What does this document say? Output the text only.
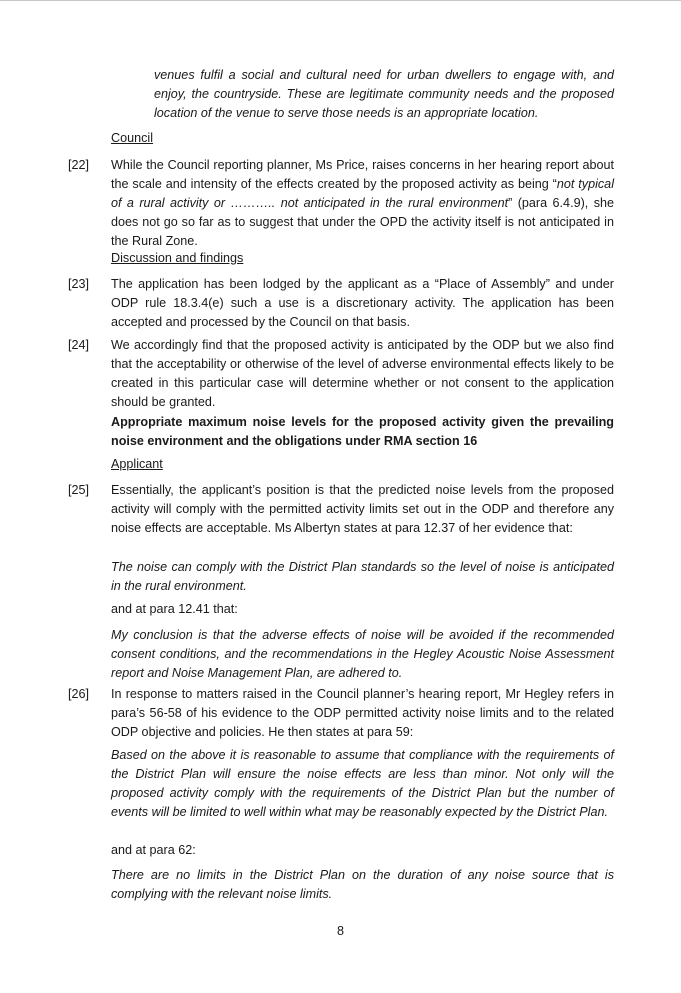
venues fulfil a social and cultural need for urban dwellers to engage with, and enjoy, the countryside. These are legitimate community needs and the proposed location of the venue to serve those needs is an appropriate location.

Council

[22] While the Council reporting planner, Ms Price, raises concerns in her hearing report about the scale and intensity of the effects created by the proposed activity as being “not typical of a rural activity or ……….. not anticipated in the rural environment” (para 6.4.9), she does not go so far as to suggest that under the OPD the activity itself is not anticipated in the Rural Zone.

Discussion and findings

[23] The application has been lodged by the applicant as a “Place of Assembly” and under ODP rule 18.3.4(e) such a use is a discretionary activity. The application has been accepted and processed by the Council on that basis.

[24] We accordingly find that the proposed activity is anticipated by the ODP but we also find that the acceptability or otherwise of the level of adverse environmental effects likely to be created in this particular case will determine whether or not consent to the application should be granted.

Appropriate maximum noise levels for the proposed activity given the prevailing noise environment and the obligations under RMA section 16

Applicant

[25] Essentially, the applicant’s position is that the predicted noise levels from the proposed activity will comply with the permitted activity limits set out in the ODP and therefore any noise effects are acceptable. Ms Albertyn states at para 12.37 of her evidence that:

The noise can comply with the District Plan standards so the level of noise is anticipated in the rural environment.

and at para 12.41 that:

My conclusion is that the adverse effects of noise will be avoided if the recommended consent conditions, and the recommendations in the Hegley Acoustic Noise Assessment report and Noise Management Plan, are adhered to.

[26] In response to matters raised in the Council planner’s hearing report, Mr Hegley refers in para’s 56-58 of his evidence to the ODP permitted activity noise limits and to the related ODP objective and policies. He then states at para 59:

Based on the above it is reasonable to assume that compliance with the requirements of the District Plan will ensure the noise effects are less than minor. Not only will the proposed activity comply with the requirements of the District Plan but the number of events will be limited to well within what may be reasonably expected by the District Plan.

and at para 62:

There are no limits in the District Plan on the duration of any noise source that is complying with the relevant noise limits.

8
